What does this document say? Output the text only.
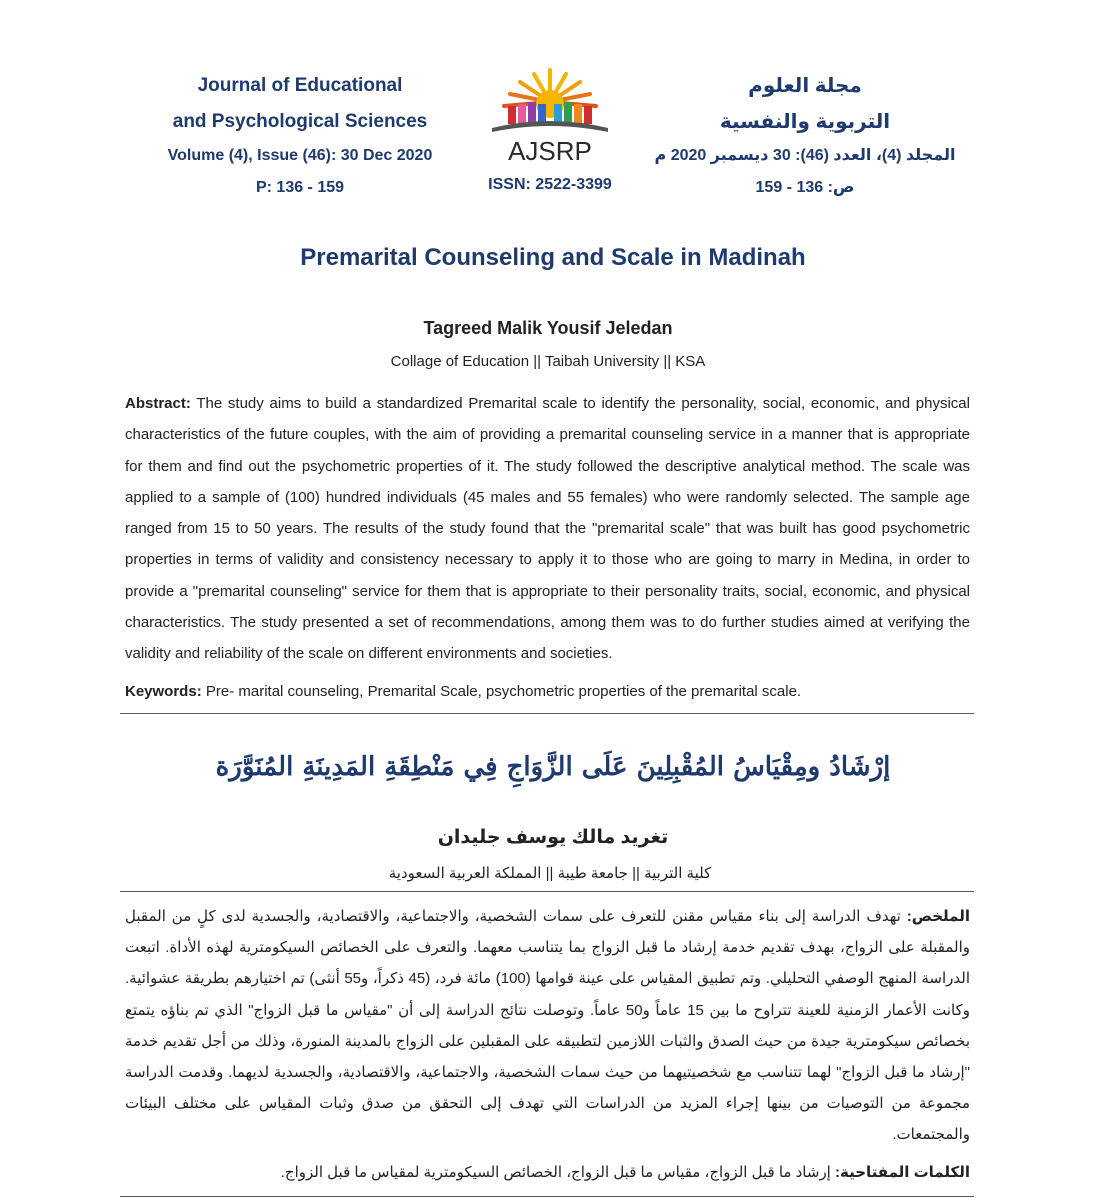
Journal of Educational
and Psychological Sciences
Volume (4), Issue (46): 30 Dec 2020
P: 136 - 159
AJSRP
ISSN: 2522-3399
مجلة العلوم
التربوية والنفسية
المجلد (4)، العدد (46): 30 ديسمبر 2020 م
ص: 136 - 159
Premarital Counseling and Scale in Madinah
Tagreed Malik Yousif Jeledan
Collage of Education || Taibah University || KSA
Abstract: The study aims to build a standardized Premarital scale to identify the personality, social, economic, and physical characteristics of the future couples, with the aim of providing a premarital counseling service in a manner that is appropriate for them and find out the psychometric properties of it. The study followed the descriptive analytical method. The scale was applied to a sample of (100) hundred individuals (45 males and 55 females) who were randomly selected. The sample age ranged from 15 to 50 years. The results of the study found that the "premarital scale" that was built has good psychometric properties in terms of validity and consistency necessary to apply it to those who are going to marry in Medina, in order to provide a "premarital counseling" service for them that is appropriate to their personality traits, social, economic, and physical characteristics. The study presented a set of recommendations, among them was to do further studies aimed at verifying the validity and reliability of the scale on different environments and societies.
Keywords: Pre- marital counseling, Premarital Scale, psychometric properties of the premarital scale.
إرْشَادُ ومِقْيَاسُ المُقْبِلِينَ عَلَى الزَّوَاجِ فِي مَنْطِقَةِ المَدِينَةِ المُنَوَّرَة
تغريد مالك يوسف جليدان
كلية التربية || جامعة طيبة || المملكة العربية السعودية
الملخص: تهدف الدراسة إلى بناء مقياس مقنن للتعرف على سمات الشخصية، والاجتماعية، والاقتصادية، والجسدية لدى كلٍ من المقبل والمقبلة على الزواج، بهدف تقديم خدمة إرشاد ما قبل الزواج بما يتناسب معهما. والتعرف على الخصائص السيكومترية لهذه الأداة. اتبعت الدراسة المنهج الوصفي التحليلي. وتم تطبيق المقياس على عينة قوامها (100) مائة فرد، (45 ذكراً، و55 أنثى) تم اختيارهم بطريقة عشوائية. وكانت الأعمار الزمنية للعينة تتراوح ما بين 15 عاماً و50 عاماً. وتوصلت نتائج الدراسة إلى أن "مقياس ما قبل الزواج" الذي تم بناؤه يتمتع بخصائص سيكومترية جيدة من حيث الصدق والثبات اللازمين لتطبيقه على المقبلين على الزواج بالمدينة المنورة، وذلك من أجل تقديم خدمة "إرشاد ما قبل الزواج" لهما تتناسب مع شخصيتيهما من حيث سمات الشخصية، والاجتماعية، والاقتصادية، والجسدية لديهما. وقدمت الدراسة مجموعة من التوصيات من بينها إجراء المزيد من الدراسات التي تهدف إلى التحقق من صدق وثبات المقياس على مختلف البيئات والمجتمعات.
الكلمات المفتاحية: إرشاد ما قبل الزواج، مقياس ما قبل الزواج، الخصائص السيكومترية لمقياس ما قبل الزواج.
